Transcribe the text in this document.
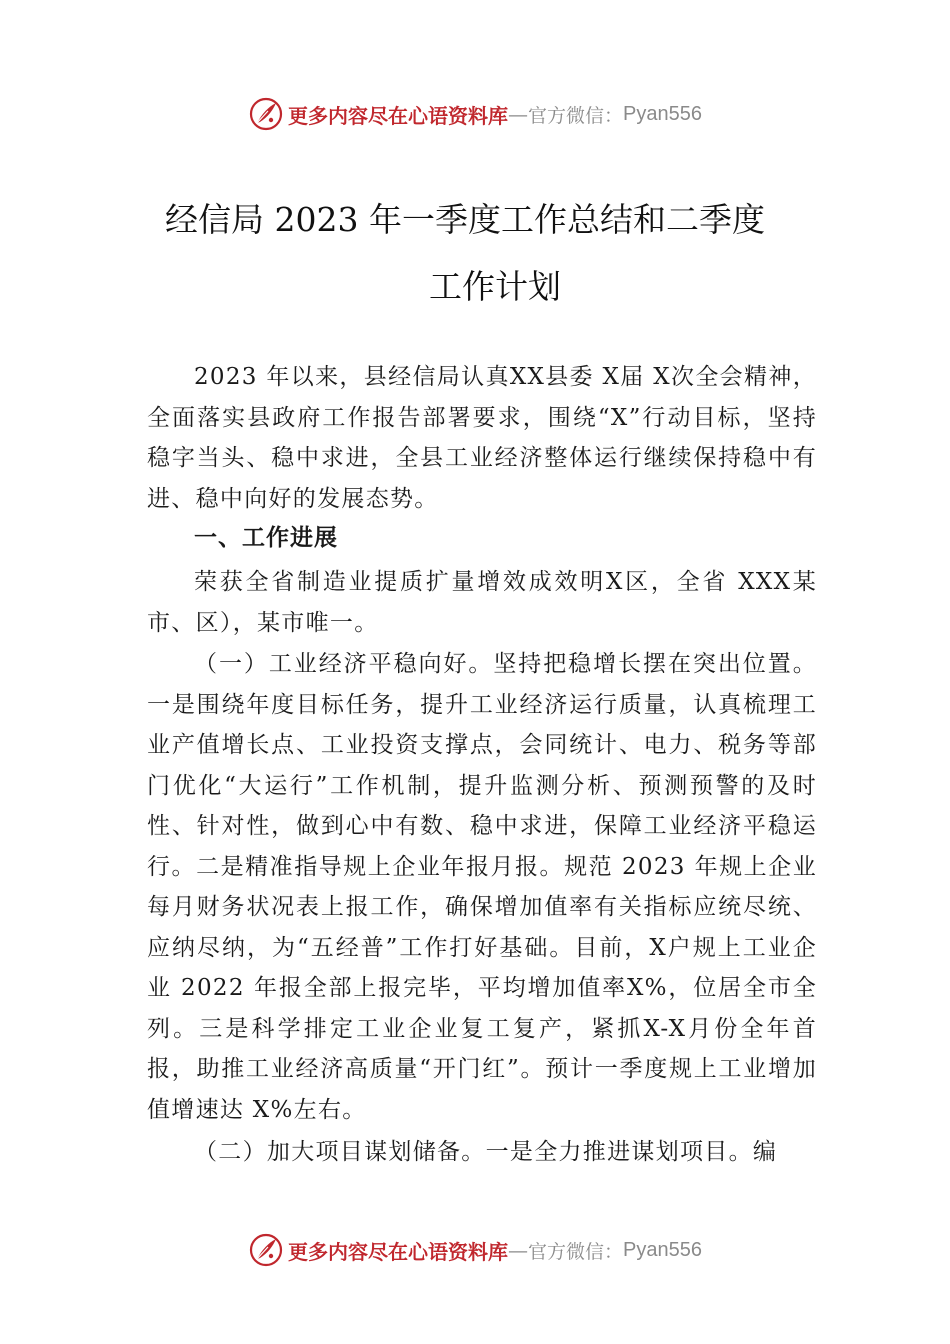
更多内容尽在心语资料库 — 官方微信： Pyan556
经信局 2023 年一季度工作总结和二季度
工作计划

2023 年以来，县经信局认真XX县委 X届 X次全会精神，全面落实县政府工作报告部署要求，围绕“X”行动目标，坚持稳字当头、稳中求进，全县工业经济整体运行继续保持稳中有进、稳中向好的发展态势。

一、工作进展

荣获全省制造业提质扩量增效成效明X区，全省 XXX某市、区），某市唯一。

（一）工业经济平稳向好。坚持把稳增长摆在突出位置。一是围绕年度目标任务，提升工业经济运行质量，认真梳理工业产值增长点、工业投资支撑点，会同统计、电力、税务等部门优化“大运行”工作机制，提升监测分析、预测预警的及时性、针对性，做到心中有数、稳中求进，保障工业经济平稳运行。二是精准指导规上企业年报月报。规范 2023 年规上企业每月财务状况表上报工作，确保增加值率有关指标应统尽统、应纳尽纳，为“五经普”工作打好基础。目前，X户规上工业企业 2022 年报全部上报完毕，平均增加值率X%，位居全市全列。三是科学排定工业企业复工复产，紧抓X-X月份全年首报，助推工业经济高质量“开门红”。预计一季度规上工业增加值增速达 X%左右。

（二）加大项目谋划储备。一是全力推进谋划项目。编

更多内容尽在心语资料库 — 官方微信： Pyan556
